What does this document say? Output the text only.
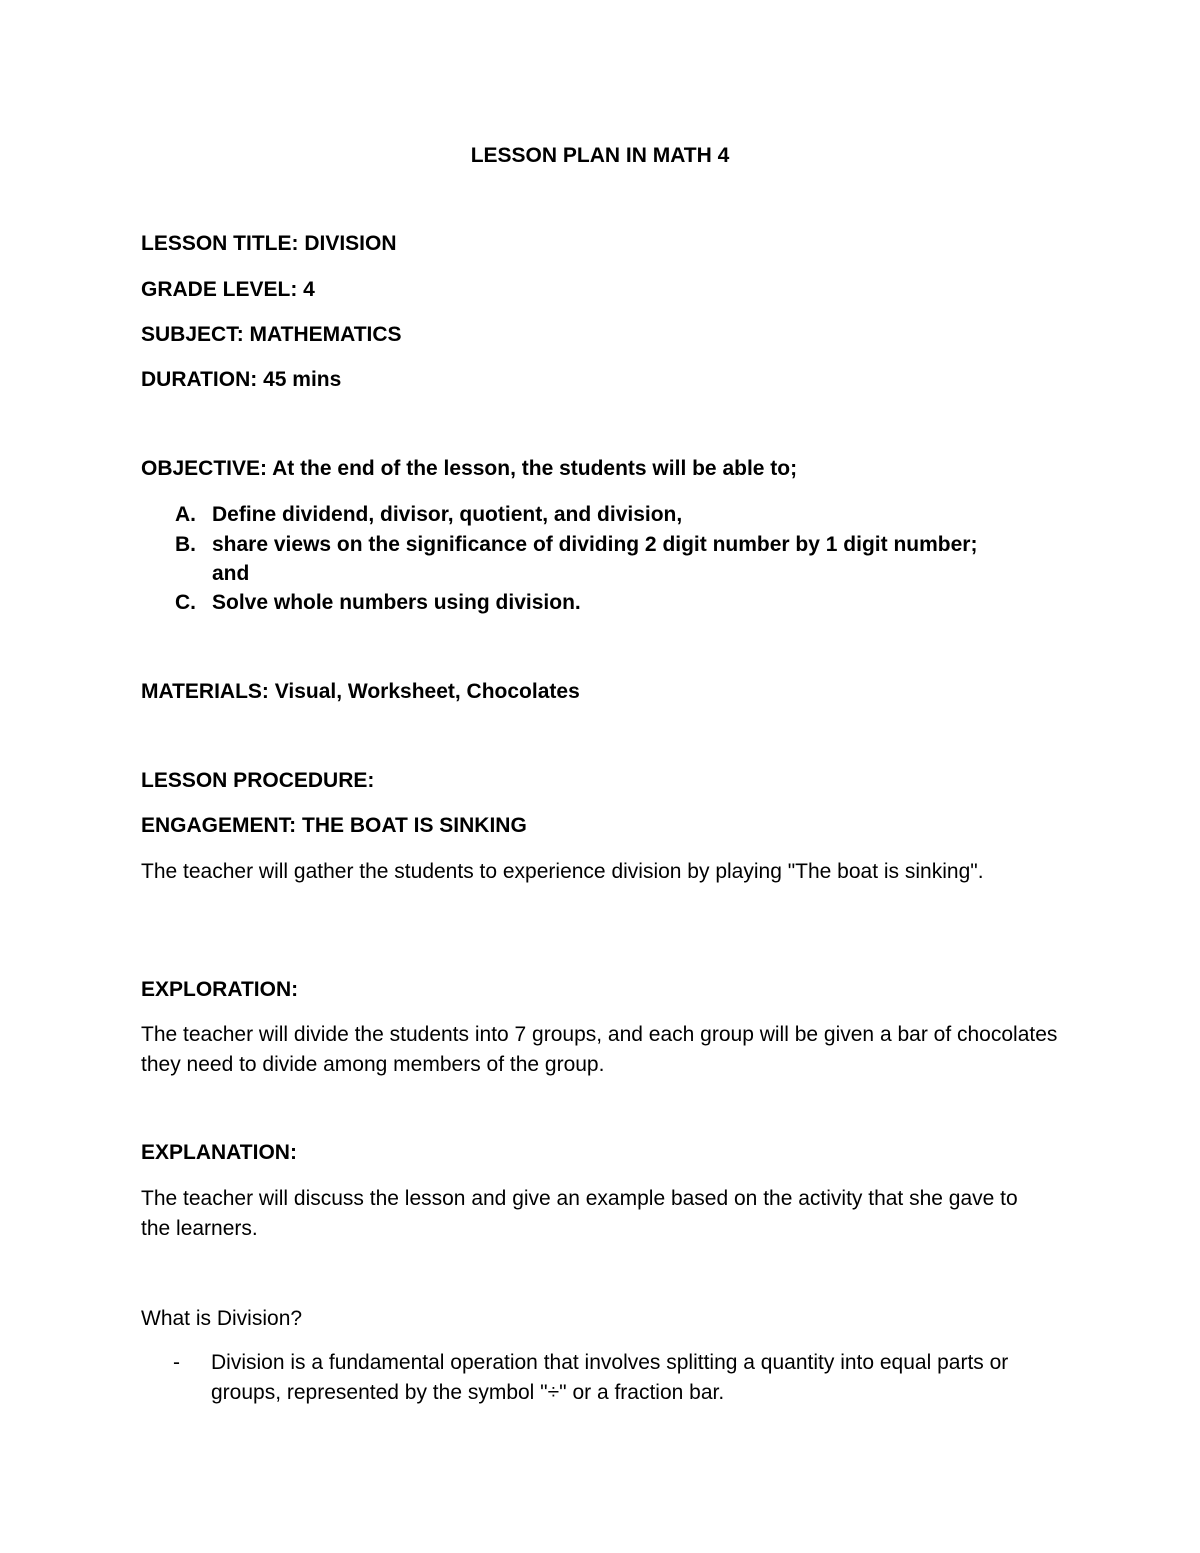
LESSON PLAN IN MATH 4
LESSON TITLE: DIVISION
GRADE LEVEL: 4
SUBJECT: MATHEMATICS
DURATION: 45 mins
OBJECTIVE: At the end of the lesson, the students will be able to;
A. Define dividend, divisor, quotient, and division,
B. share views on the significance of dividing 2 digit number by 1 digit number; and
C. Solve whole numbers using division.
MATERIALS: Visual, Worksheet, Chocolates
LESSON PROCEDURE:
ENGAGEMENT: THE BOAT IS SINKING
The teacher will gather the students to experience division by playing "The boat is sinking".
EXPLORATION:
The teacher will divide the students into 7 groups, and each group will be given a bar of chocolates they need to divide among members of the group.
EXPLANATION:
The teacher will discuss the lesson and give an example based on the activity that she gave to the learners.
What is Division?
- Division is a fundamental operation that involves splitting a quantity into equal parts or groups, represented by the symbol "÷" or a fraction bar.
